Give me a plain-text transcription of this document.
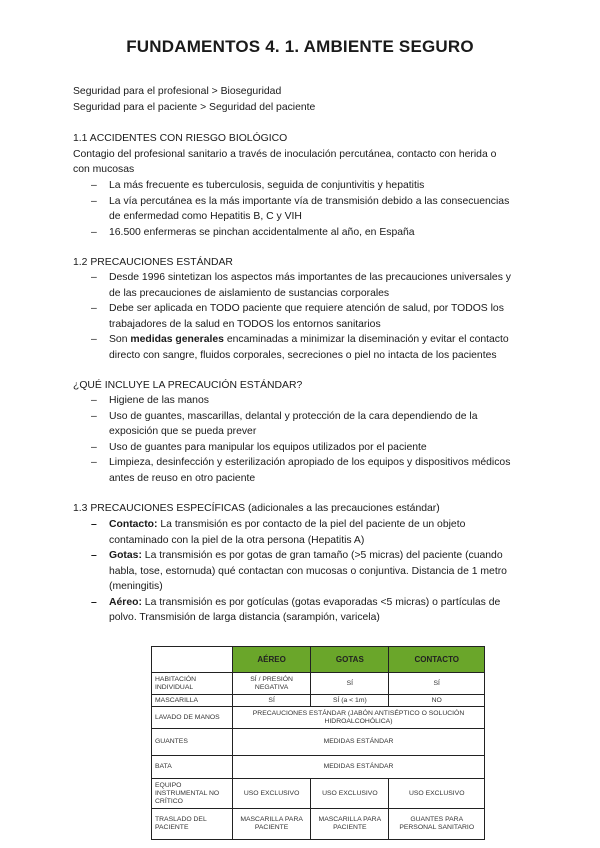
FUNDAMENTOS 4. 1. AMBIENTE SEGURO

Seguridad para el profesional > Bioseguridad

Seguridad para el paciente > Seguridad del paciente

1.1 ACCIDENTES CON RIESGO BIOLÓGICO

Contagio del profesional sanitario a través de inoculación percutánea, contacto con herida o

con mucosas

– La más frecuente es tuberculosis, seguida de conjuntivitis y hepatitis
– La vía percutánea es la más importante vía de transmisión debido a las consecuencias
de enfermedad como Hepatitis B, C y VIH
– 16.500 enfermeras se pinchan accidentalmente al año, en España

1.2 PRECAUCIONES ESTÁNDAR

– Desde 1996 sintetizan los aspectos más importantes de las precauciones universales y
de las precauciones de aislamiento de sustancias corporales
– Debe ser aplicada en TODO paciente que requiere atención de salud, por TODOS los
trabajadores de la salud en TODOS los entornos sanitarios
– Son medidas generales encaminadas a minimizar la diseminación y evitar el contacto
directo con sangre, fluidos corporales, secreciones o piel no intacta de los pacientes

¿QUÉ INCLUYE LA PRECAUCIÓN ESTÁNDAR?

– Higiene de las manos
– Uso de guantes, mascarillas, delantal y protección de la cara dependiendo de la
exposición que se pueda prever
– Uso de guantes para manipular los equipos utilizados por el paciente
– Limpieza, desinfección y esterilización apropiado de los equipos y dispositivos médicos
antes de reuso en otro paciente

1.3 PRECAUCIONES ESPECÍFICAS (adicionales a las precauciones estándar)

– Contacto: La transmisión es por contacto de la piel del paciente de un objeto
contaminado con la piel de la otra persona (Hepatitis A)
– Gotas: La transmisión es por gotas de gran tamaño (>5 micras) del paciente (cuando
habla, tose, estornuda) qué contactan con mucosas o conjuntiva. Distancia de 1 metro
(meningitis)
– Aéreo: La transmisión es por gotículas (gotas evaporadas <5 micras) o partículas de
polvo. Transmisión de larga distancia (sarampión, varicela)
	AÉREO	GOTAS	CONTACTO
HABITACIÓN INDIVIDUAL	SÍ / PRESIÓN NEGATIVA	SÍ	SÍ
MASCARILLA	SÍ	SÍ (a < 1m)	NO
LAVADO DE MANOS	PRECAUCIONES ESTÁNDAR (JABÓN ANTISÉPTICO O SOLUCIÓN HIDROALCOHÓLICA)		
GUANTES	MEDIDAS ESTÁNDAR		
BATA	MEDIDAS ESTÁNDAR		
EQUIPO INSTRUMENTAL NO CRÍTICO	USO EXCLUSIVO	USO EXCLUSIVO	USO EXCLUSIVO
TRASLADO DEL PACIENTE	MASCARILLA PARA PACIENTE	MASCARILLA PARA PACIENTE	GUANTES PARA PERSONAL SANITARIO
